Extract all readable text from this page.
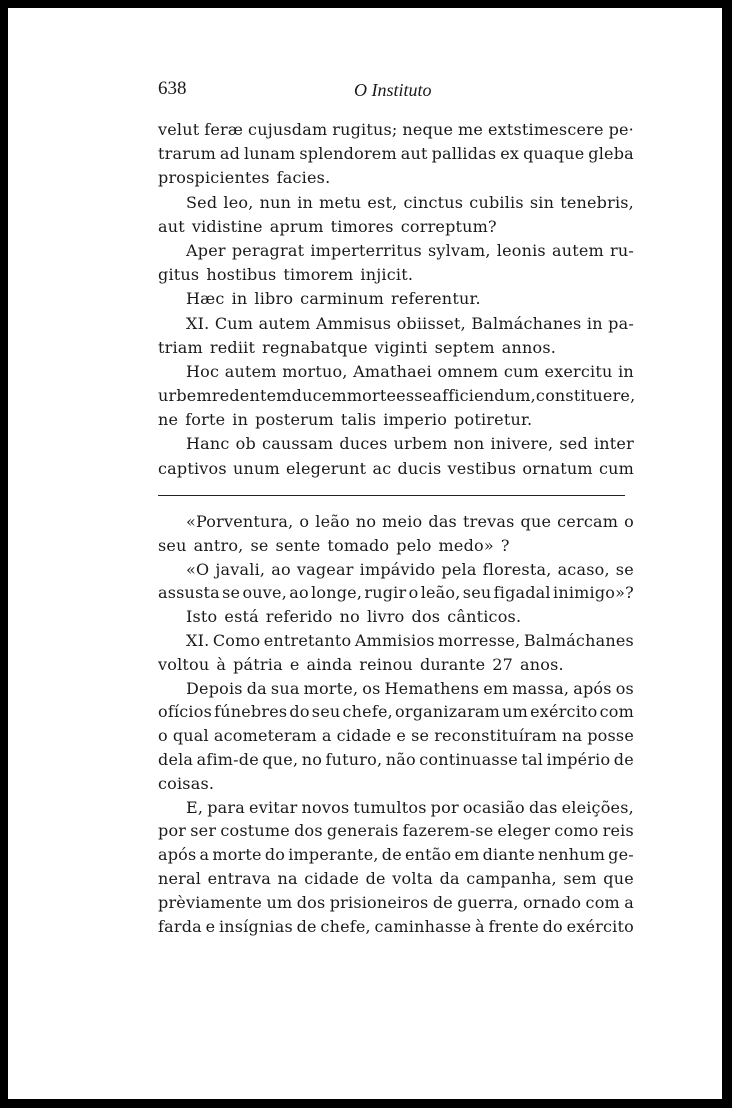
638	O Instituto
velut feræ cujusdam rugitus; neque me extstimescere pe·
trarum ad lunam splendorem aut pallidas ex quaque gleba
prospicientes facies.
Sed leo, nun in metu est, cinctus cubilis sin tenebris,
aut vidistine aprum timores correptum?
Aper peragrat imperterritus sylvam, leonis autem ru-
gitus hostibus timorem injicit.
Hæc in libro carminum referentur.
XI. Cum autem Ammisus obiisset, Balmáchanes in pa-
triam rediit regnabatque viginti septem annos.
Hoc autem mortuo, Amathaei omnem cum exercitu in
urbem redentem ducem morte esse afficiendum, constituere,
ne forte in posterum talis imperio potiretur.
Hanc ob caussam duces urbem non inivere, sed inter
captivos unum elegerunt ac ducis vestibus ornatum cum
«Porventura, o leão no meio das trevas que cercam o
seu antro, se sente tomado pelo medo» ?
«O javali, ao vagear impávido pela floresta, acaso, se
assusta se ouve, ao longe, rugir o leão, seu figadal inimigo»?
Isto está referido no livro dos cânticos.
XI. Como entretanto Ammisios morresse, Balmáchanes
voltou à pátria e ainda reinou durante 27 anos.
Depois da sua morte, os Hemathens em massa, após os
ofícios fúnebres do seu chefe, organizaram um exército com
o qual acometeram a cidade e se reconstituíram na posse
dela afim-de que, no futuro, não continuasse tal império de
coisas.
E, para evitar novos tumultos por ocasião das eleições,
por ser costume dos generais fazerem-se eleger como reis
após a morte do imperante, de então em diante nenhum ge-
neral entrava na cidade de volta da campanha, sem que
prèviamente um dos prisioneiros de guerra, ornado com a
farda e insígnias de chefe, caminhasse à frente do exército
